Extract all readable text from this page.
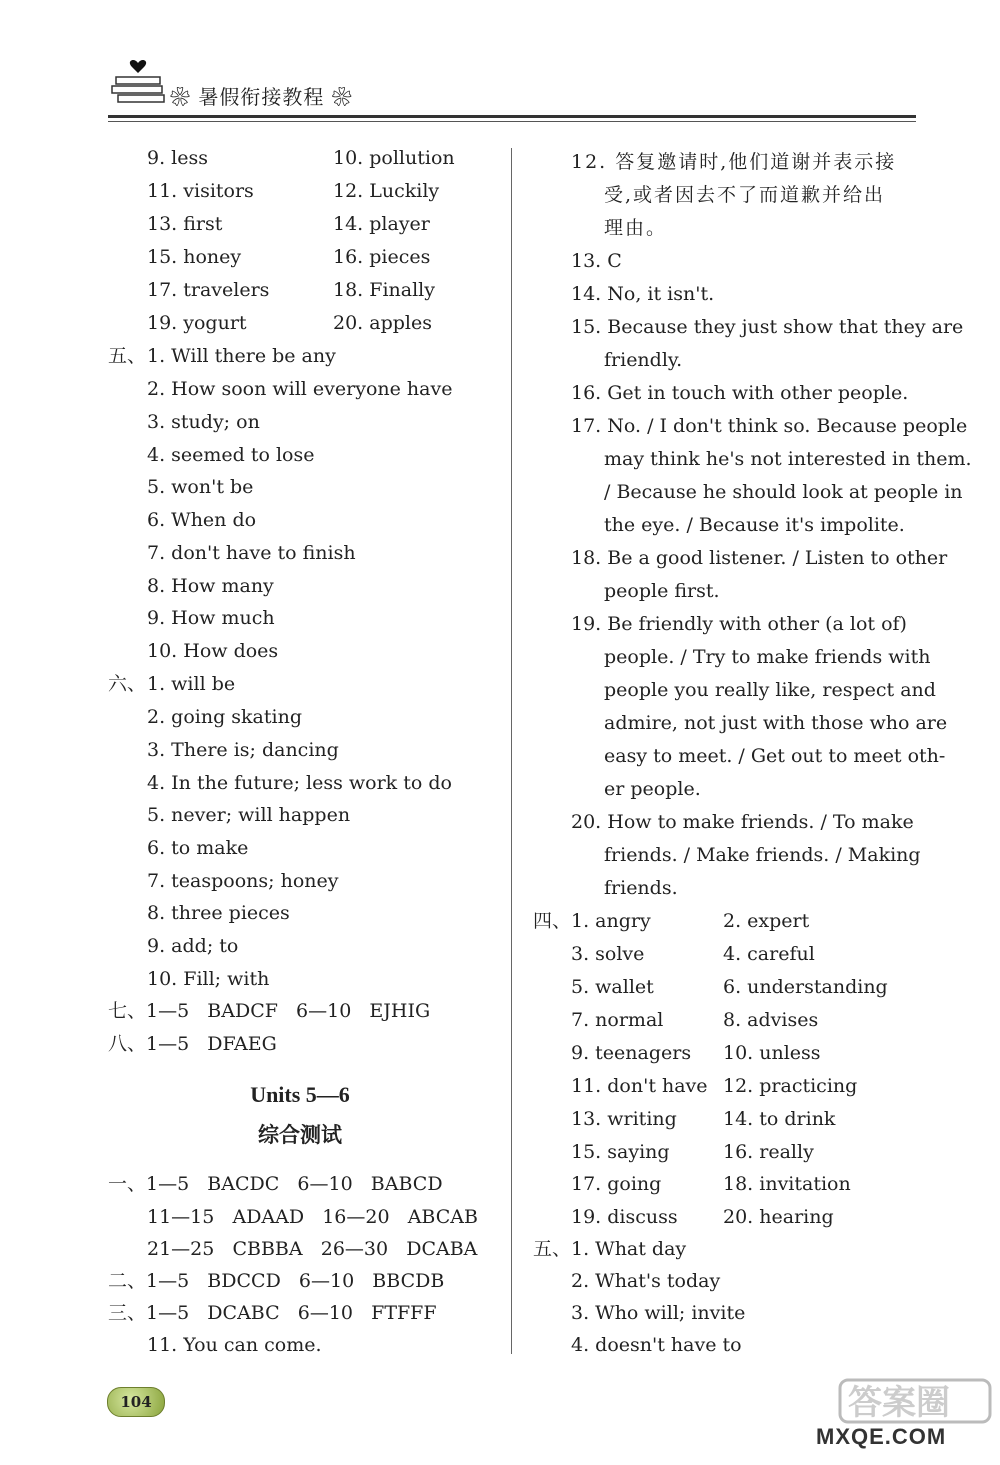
❀ 暑假衔接教程 ❀
9. less	10. pollution
11. visitors	12. Luckily
13. first	14. player
15. honey	16. pieces
17. travelers	18. Finally
19. yogurt	20. apples
五、 1. Will there be any
2. How soon will everyone have
3. study; on
4. seemed to lose
5. won't be
6. When do
7. don't have to finish
8. How many
9. How much
10. How does
六、 1. will be
2. going skating
3. There is; dancing
4. In the future; less work to do
5. never; will happen
6. to make
7. teaspoons; honey
8. three pieces
9. add; to
10. Fill; with
七、1—5   BADCF   6—10   EJHIG
八、1—5   DFAEG
Units 5—6
综合测试
一、1—5   BACDC   6—10   BABCD
11—15   ADAAD   16—20   ABCAB
21—25   CBBBA   26—30   DCABA
二、1—5   BDCCD   6—10   BBCDB
三、1—5   DCABC   6—10   FTFFF
11. You can come.
12. 答复邀请时,他们道谢并表示接
受,或者因去不了而道歉并给出
理由。
13. C
14. No, it isn't.
15. Because they just show that they are
friendly.
16. Get in touch with other people.
17. No. / I don't think so. Because people
may think he's not interested in them.
/ Because he should look at people in
the eye. / Because it's impolite.
18. Be a good listener. / Listen to other
people first.
19. Be friendly with other (a lot of)
people. / Try to make friends with
people you really like, respect and
admire, not just with those who are
easy to meet. / Get out to meet oth-
er people.
20. How to make friends. / To make
friends. / Make friends. / Making
friends.
四、 1. angry	2. expert
3. solve	4. careful
5. wallet	6. understanding
7. normal	8. advises
9. teenagers 10. unless
11. don't have 12. practicing
13. writing 14. to drink
15. saying	16. really
17. going	18. invitation
19. discuss 20. hearing
五、 1. What day
2. What's today
3. Who will; invite
4. doesn't have to
104	答案圈
MXQE.COM
